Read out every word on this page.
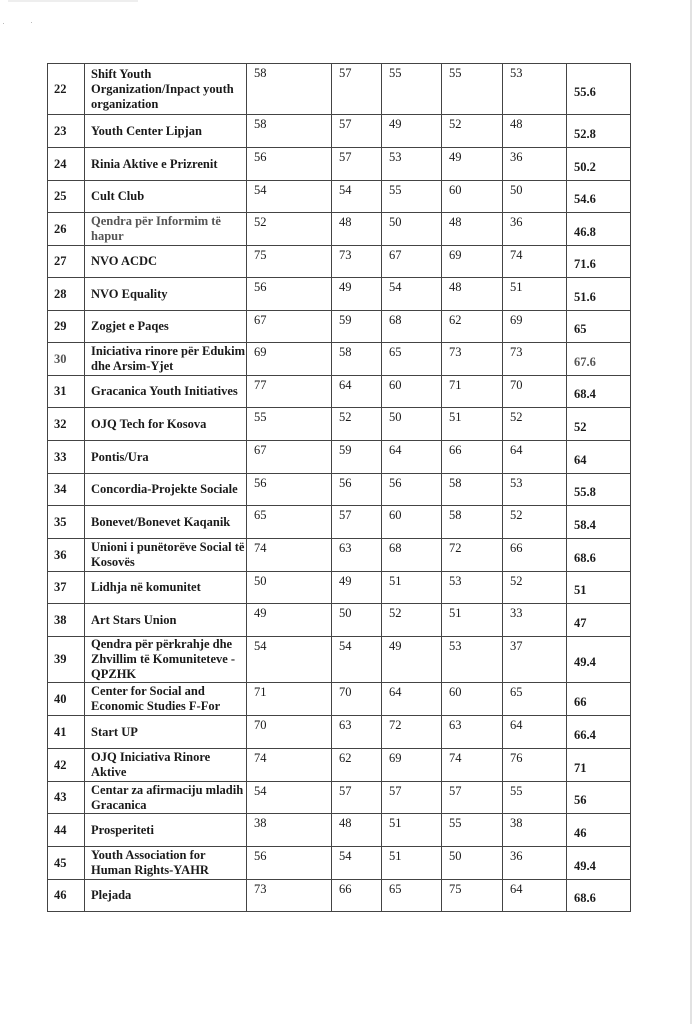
22	Shift Youth Organization/Inpact youth organization	58	57	55	55	53	55.6
23	Youth Center Lipjan	58	57	49	52	48	52.8
24	Rinia Aktive e Prizrenit	56	57	53	49	36	50.2
25	Cult Club	54	54	55	60	50	54.6
26	Qendra për Informim të hapur	52	48	50	48	36	46.8
27	NVO ACDC	75	73	67	69	74	71.6
28	NVO Equality	56	49	54	48	51	51.6
29	Zogjet e Paqes	67	59	68	62	69	65
30	Iniciativa rinore për Edukim dhe Arsim-Yjet	69	58	65	73	73	67.6
31	Gracanica Youth Initiatives	77	64	60	71	70	68.4
32	OJQ Tech for Kosova	55	52	50	51	52	52
33	Pontis/Ura	67	59	64	66	64	64
34	Concordia-Projekte Sociale	56	56	56	58	53	55.8
35	Bonevet/Bonevet Kaqanik	65	57	60	58	52	58.4
36	Unioni i punëtorëve Social të Kosovës	74	63	68	72	66	68.6
37	Lidhja në komunitet	50	49	51	53	52	51
38	Art Stars Union	49	50	52	51	33	47
39	Qendra për përkrahje dhe Zhvillim të Komuniteteve - QPZHK	54	54	49	53	37	49.4
40	Center for Social and Economic Studies F-For	71	70	64	60	65	66
41	Start UP	70	63	72	63	64	66.4
42	OJQ Iniciativa Rinore Aktive	74	62	69	74	76	71
43	Centar za afirmaciju mladih Gracanica	54	57	57	57	55	56
44	Prosperiteti	38	48	51	55	38	46
45	Youth Association for Human Rights-YAHR	56	54	51	50	36	49.4
46	Plejada	73	66	65	75	64	68.6
